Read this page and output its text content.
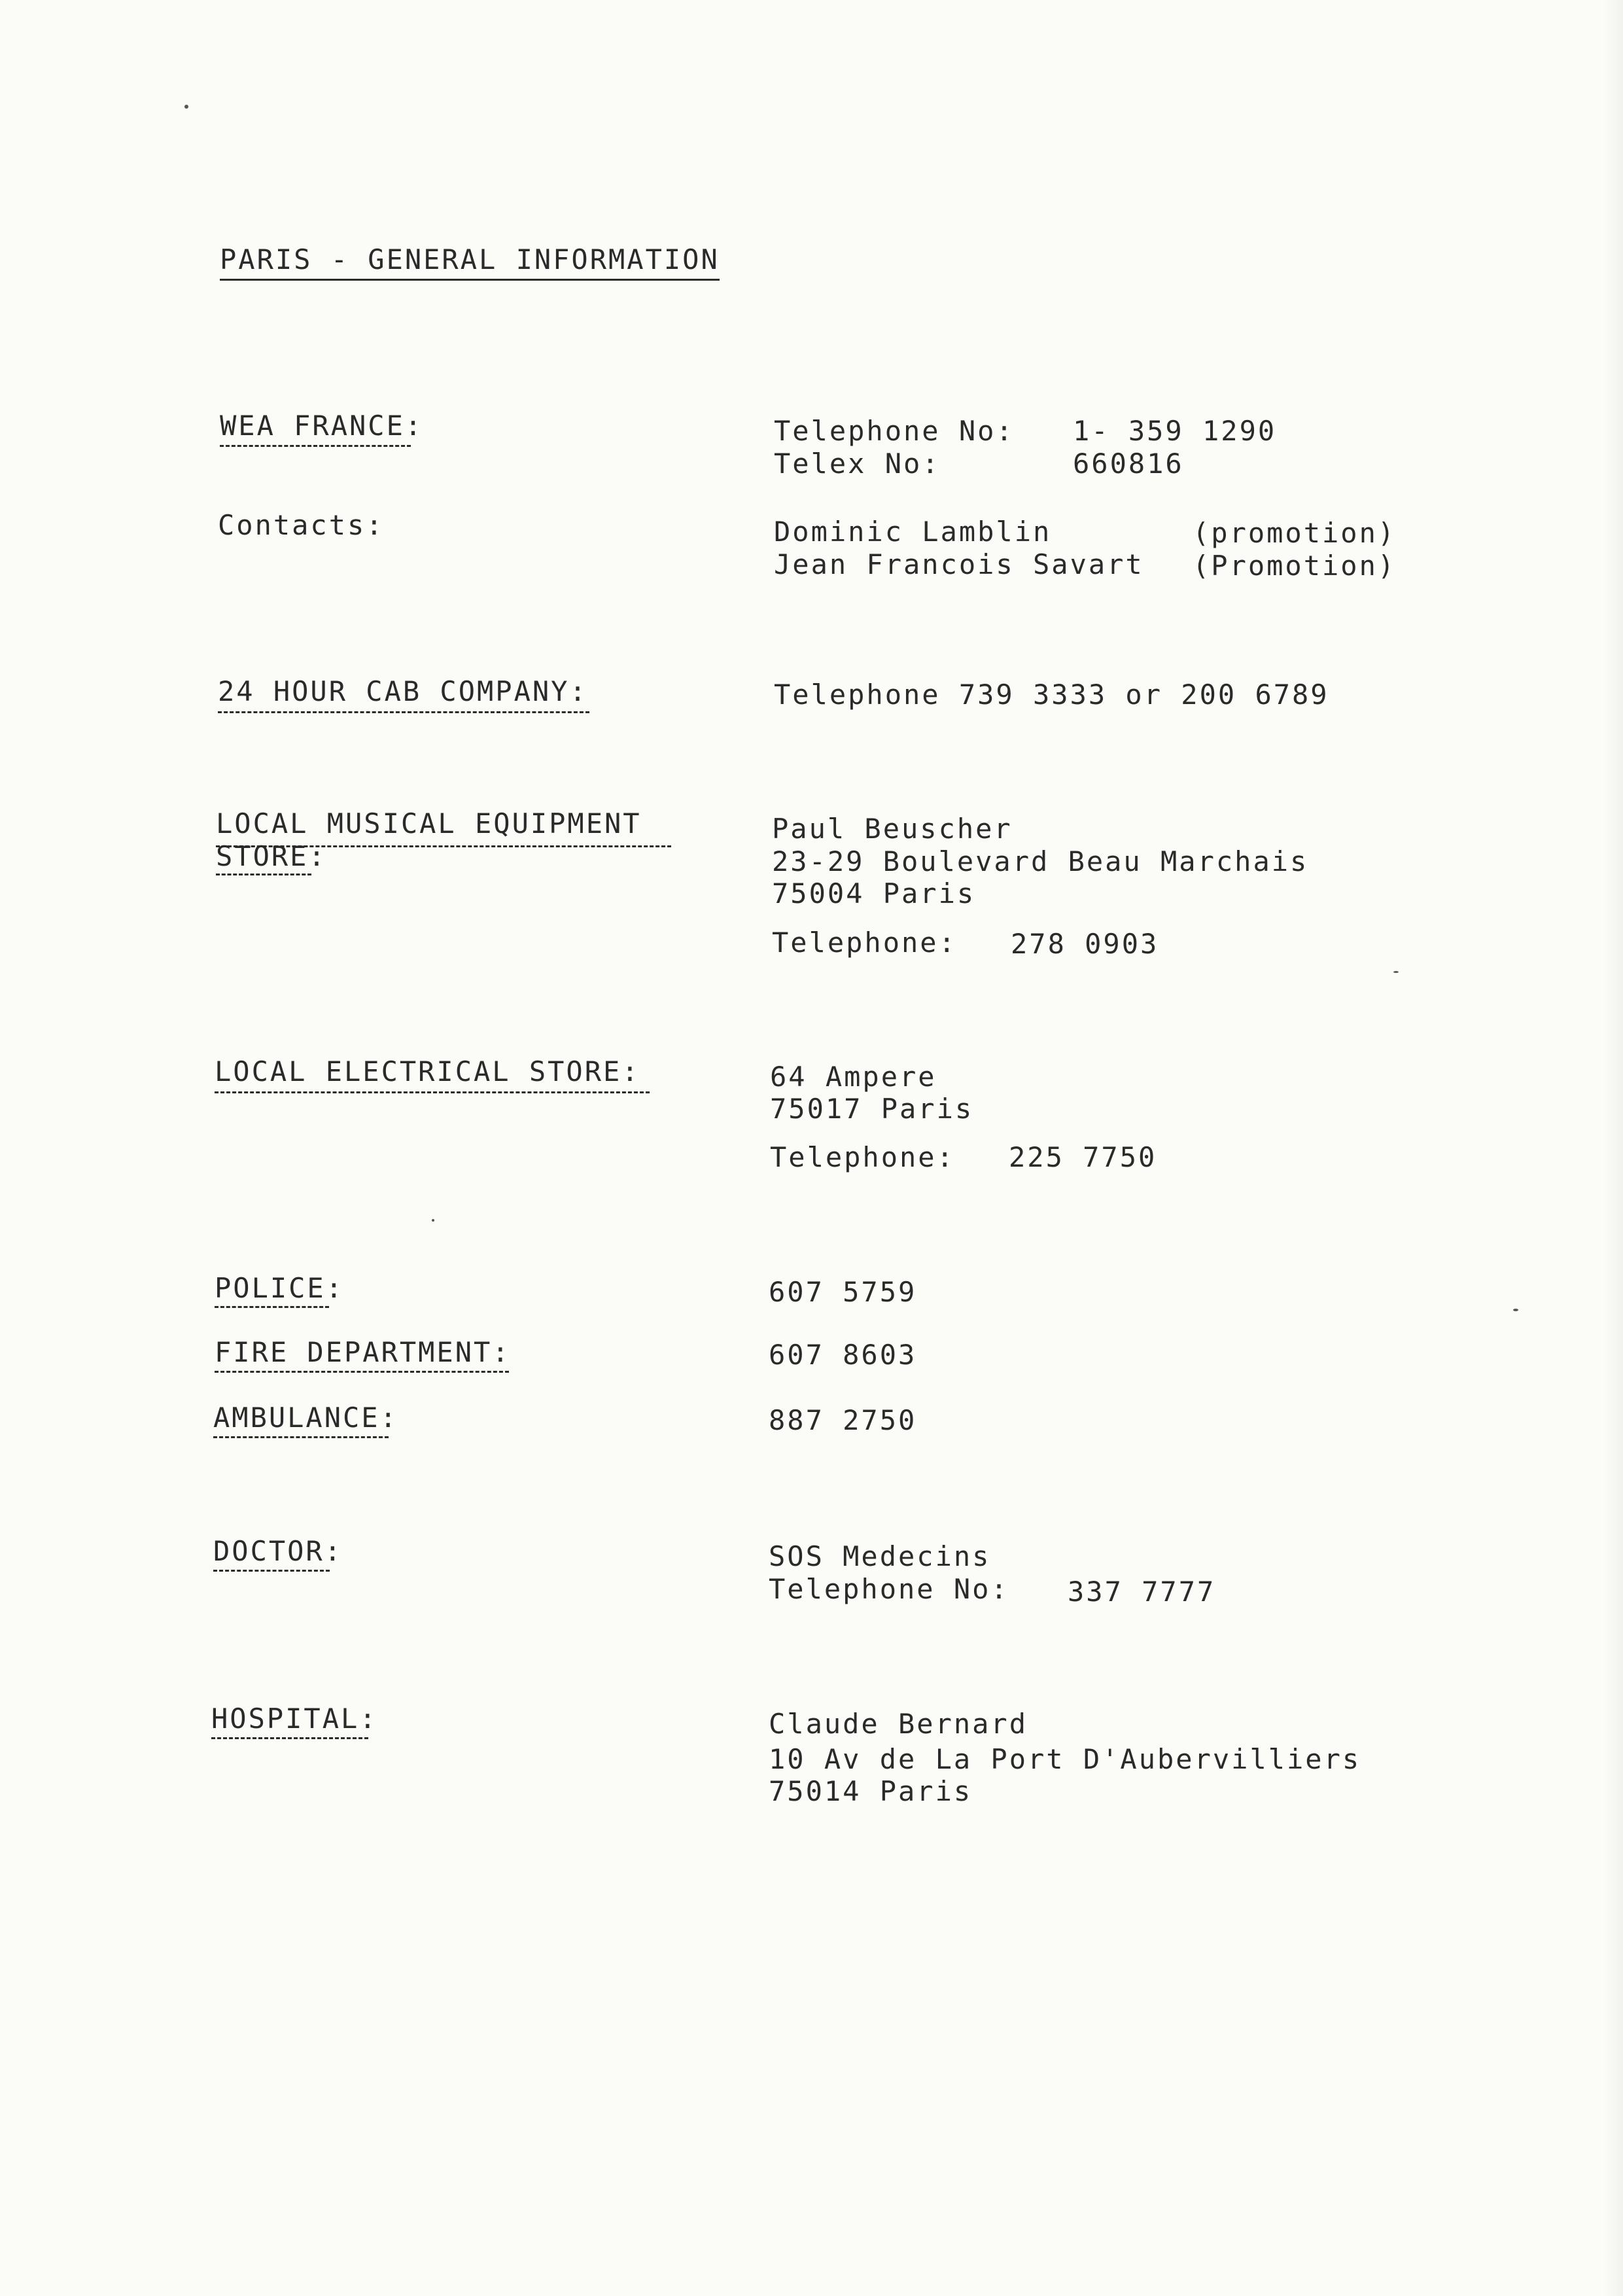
PARIS - GENERAL INFORMATION
WEA FRANCE:	Telephone No: 1- 359 1290
Telex No:	660816
Contacts:	Dominic Lamblin	(promotion)
Jean Francois Savart (Promotion)
24 HOUR CAB COMPANY:	Telephone 739 3333 or 200 6789
LOCAL MUSICAL EQUIPMENT
STORE:
Paul Beuscher
23-29 Boulevard Beau Marchais
75004 Paris
Telephone: 278 0903
LOCAL ELECTRICAL STORE:	64 Ampere
75017 Paris
Telephone: 225 7750
POLICE:	607 5759
FIRE DEPARTMENT:	607 8603
AMBULANCE:	887 2750
DOCTOR:	SOS Medecins
Telephone No: 337 7777
HOSPITAL:	Claude Bernard
10 Av de La Port D'Aubervilliers
75014 Paris
